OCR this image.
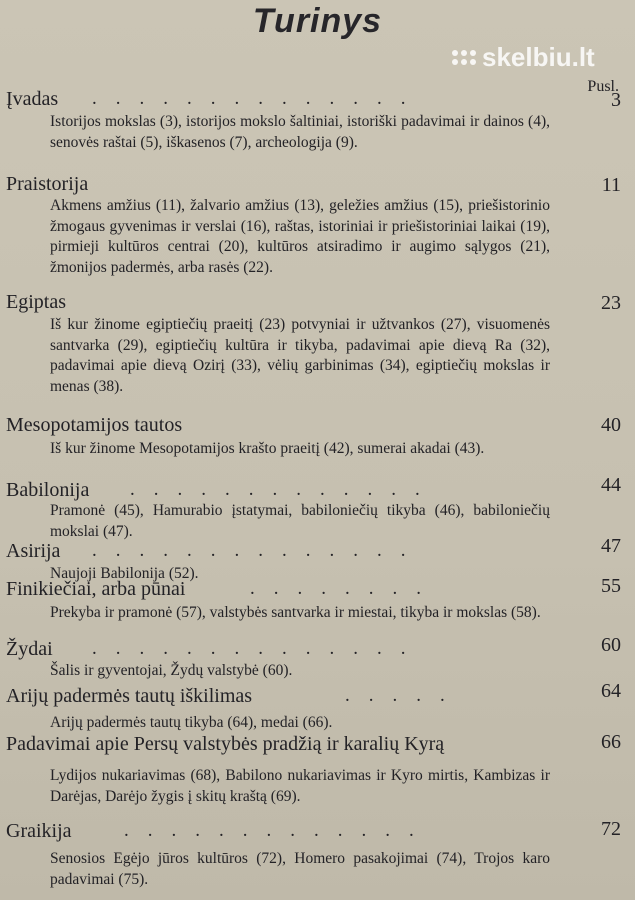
Turinys
skelbiu.lt
Pusl.
Įvadas ..............	3
Istorijos mokslas (3), istorijos mokslo šaltiniai, istoriški padavimai ir dainos (4), senovės raštai (5), iškasenos (7), archeologija (9).
Praistorija	11
Akmens amžius (11), žalvario amžius (13), geležies amžius (15), priešistorinio žmogaus gyvenimas ir verslai (16), raštas, istoriniai ir priešistoriniai laikai (19), pirmieji kultūros centrai (20), kultūros atsiradimo ir augimo sąlygos (21), žmonijos padermės, arba rasės (22).
Egiptas	23
Iš kur žinome egiptiečių praeitį (23) potvyniai ir užtvankos (27), visuomenės santvarka (29), egiptiečių kultūra ir tikyba, padavimai apie dievą Ra (32), padavimai apie dievą Ozirį (33), vėlių garbinimas (34), egiptiečių mokslas ir menas (38).
Mesopotamijos tautos	40
Iš kur žinome Mesopotamijos krašto praeitį (42), sumerai akadai (43).
Babilonija .............	44
Pramonė (45), Hamurabio įstatymai, babiloniečių tikyba (46), babiloniečių mokslai (47).
Asirija ..............	47
Naujoji Babilonija (52).
Finikiečiai, arba pūnai	........	55
Prekyba ir pramonė (57), valstybės santvarka ir miestai, tikyba ir mokslas (58).
Žydai ..............	60
Šalis ir gyventojai, Žydų valstybė (60).
Arijų padermės tautų iškilimas	.....	64
Arijų padermės tautų tikyba (64), medai (66).
Padavimai apie Persų valstybės pradžią ir karalių Kyrą	66
Lydijos nukariavimas (68), Babilono nukariavimas ir Kyro mirtis, Kambizas ir Darėjas, Darėjo žygis į skitų kraštą (69).
Graikija	.............	72
Senosios Egėjo jūros kultūros (72), Homero pasakojimai (74), Trojos karo padavimai (75).
